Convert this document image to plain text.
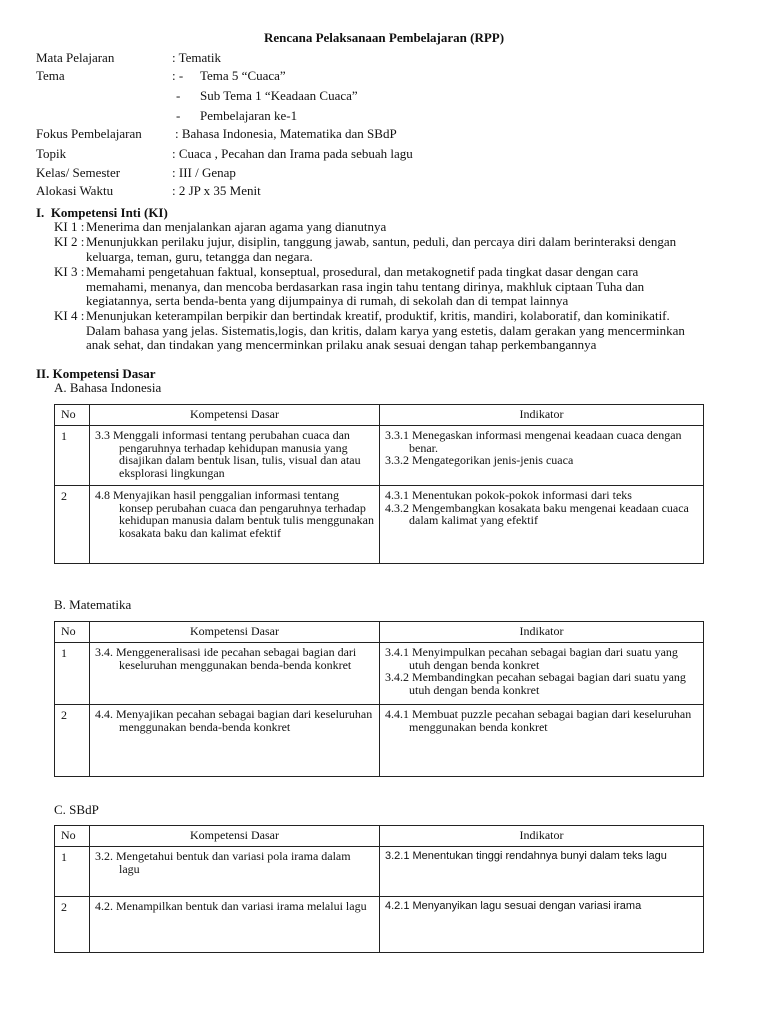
Rencana Pelaksanaan Pembelajaran (RPP)
Mata Pelajaran	: Tematik
Tema	: - Tema 5 “Cuaca”
- Sub Tema 1 “Keadaan Cuaca”
- Pembelajaran ke-1
Fokus Pembelajaran	: Bahasa Indonesia, Matematika dan SBdP
Topik	: Cuaca , Pecahan dan Irama pada sebuah lagu
Kelas/ Semester	: III / Genap
Alokasi Waktu	: 2 JP x 35 Menit
I. Kompetensi Inti (KI)
KI 1 : Menerima dan menjalankan ajaran agama yang dianutnya
KI 2 : Menunjukkan perilaku jujur, disiplin, tanggung jawab, santun, peduli, dan percaya diri dalam berinteraksi dengan
keluarga, teman, guru, tetangga dan negara.
KI 3 : Memahami pengetahuan faktual, konseptual, prosedural, dan metakognetif pada tingkat dasar dengan cara
memahami, menanya, dan mencoba berdasarkan rasa ingin tahu tentang dirinya, makhluk ciptaan Tuha dan
kegiatannya, serta benda-benta yang dijumpainya di rumah, di sekolah dan di tempat lainnya
KI 4 : Menunjukan keterampilan berpikir dan bertindak kreatif, produktif, kritis, mandiri, kolaboratif, dan kominikatif.
Dalam bahasa yang jelas. Sistematis,logis, dan kritis, dalam karya yang estetis, dalam gerakan yang mencerminkan
anak sehat, dan tindakan yang mencerminkan prilaku anak sesuai dengan tahap perkembangannya
II. Kompetensi Dasar
A. Bahasa Indonesia
No	Kompetensi Dasar	Indikator
1	3.3 Menggali informasi tentang perubahan cuaca dan pengaruhnya terhadap kehidupan manusia yang disajikan dalam bentuk lisan, tulis, visual dan atau eksplorasi lingkungan	3.3.1 Menegaskan informasi mengenai keadaan cuaca dengan benar.
3.3.2 Mengategorikan jenis-jenis cuaca

2	4.8 Menyajikan hasil penggalian informasi tentang konsep perubahan cuaca dan pengaruhnya terhadap kehidupan manusia dalam bentuk tulis menggunakan kosakata baku dan kalimat efektif	4.3.1 Menentukan pokok-pokok informasi dari teks
4.3.2 Mengembangkan kosakata baku mengenai keadaan cuaca dalam kalimat yang efektif
B. Matematika
No	Kompetensi Dasar	Indikator
1	3.4. Menggeneralisasi ide pecahan sebagai bagian dari keseluruhan menggunakan benda-benda konkret	3.4.1 Menyimpulkan pecahan sebagai bagian dari suatu yang utuh dengan benda konkret
3.4.2 Membandingkan pecahan sebagai bagian dari suatu yang utuh dengan benda konkret

2	4.4. Menyajikan pecahan sebagai bagian dari keseluruhan menggunakan benda-benda konkret	4.4.1 Membuat puzzle pecahan sebagai bagian dari keseluruhan menggunakan benda konkret
C. SBdP
No	Kompetensi Dasar	Indikator
1	3.2. Mengetahui bentuk dan variasi pola irama dalam lagu	3.2.1 Menentukan tinggi rendahnya bunyi dalam teks lagu

2	4.2. Menampilkan bentuk dan variasi irama melalui lagu	4.2.1 Menyanyikan lagu sesuai dengan variasi irama
